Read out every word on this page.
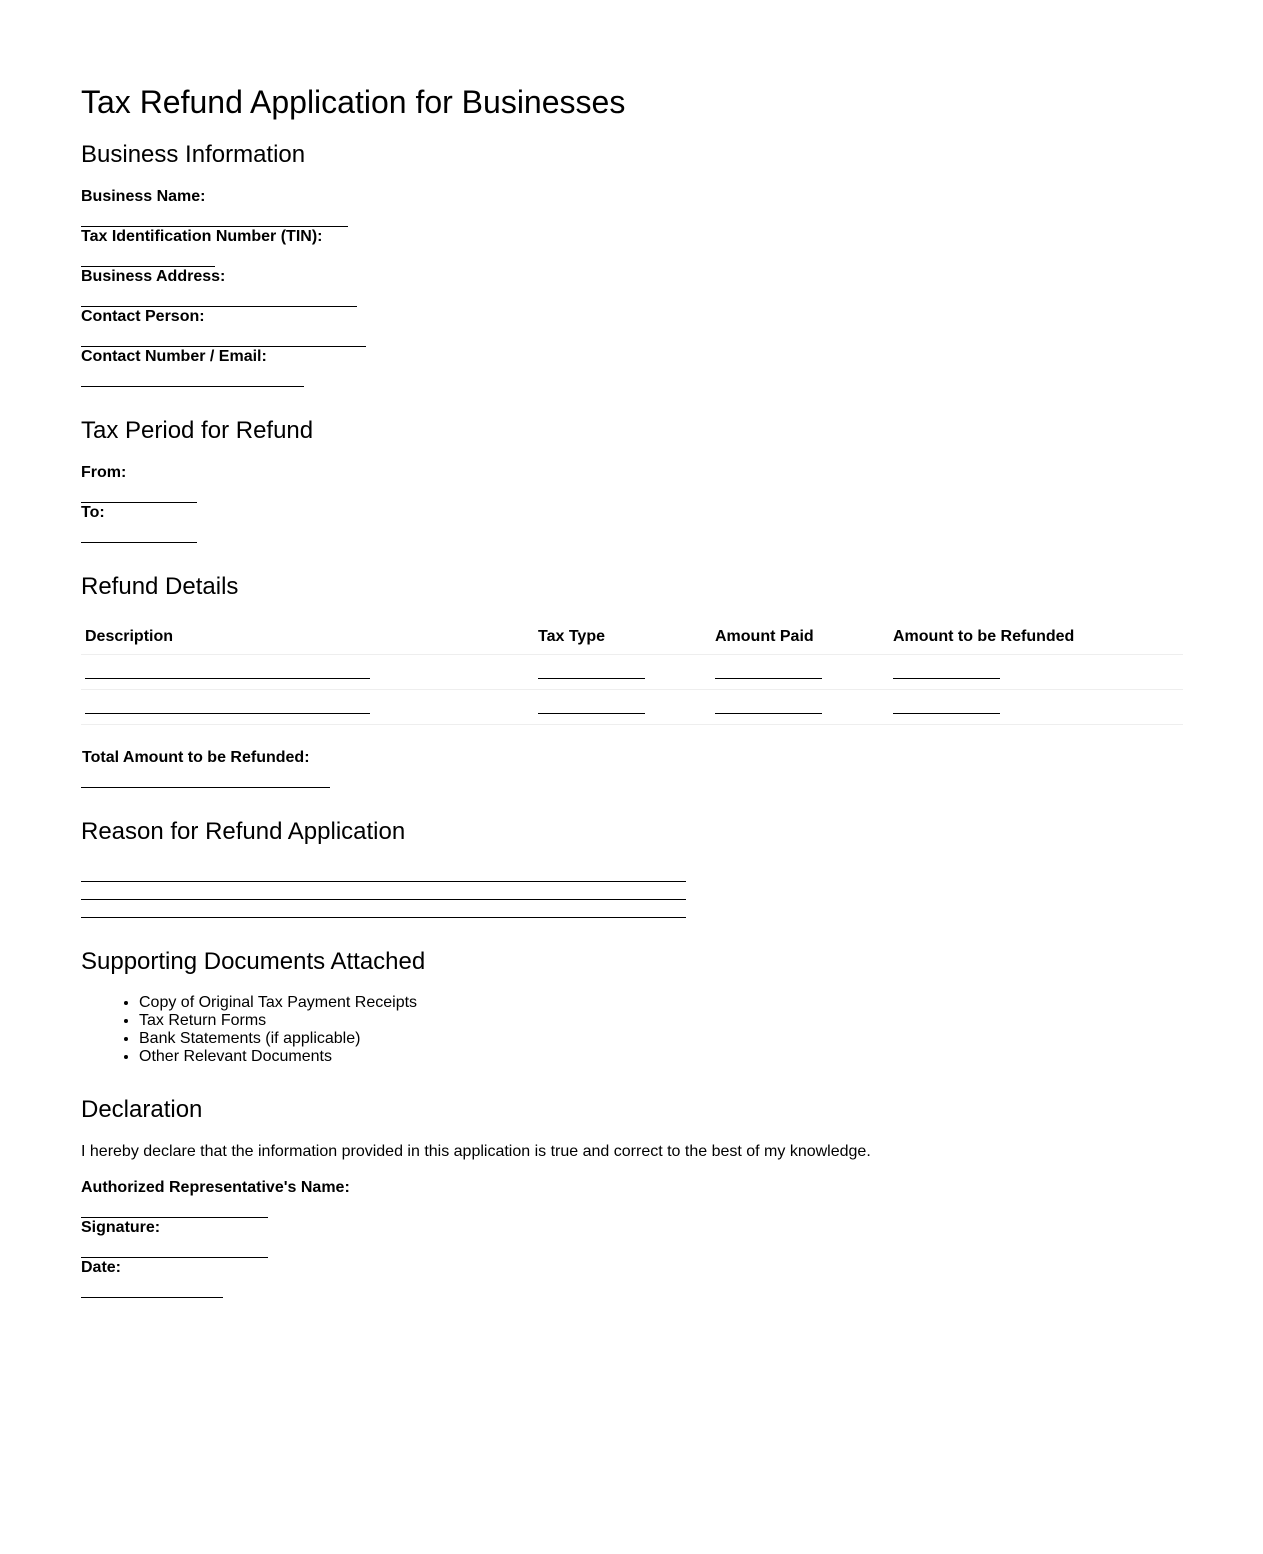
Tax Refund Application for Businesses
Business Information
Business Name:
Tax Identification Number (TIN):
Business Address:
Contact Person:
Contact Number / Email:
Tax Period for Refund
From:
To:
Refund Details
Description	Tax Type	Amount Paid	Amount to be Refunded

Total Amount to be Refunded:
Reason for Refund Application
Supporting Documents Attached
• Copy of Original Tax Payment Receipts
• Tax Return Forms
• Bank Statements (if applicable)
• Other Relevant Documents
Declaration

I hereby declare that the information provided in this application is true and correct to the best of my knowledge.

Authorized Representative's Name:
Signature:
Date:
